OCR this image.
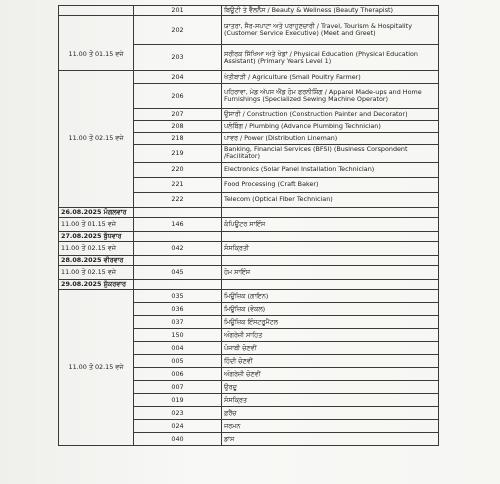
	201	ਬਿਊਟੀ ਤੇ ਵੈੱਲਨੈੱਸ / Beauty & Wellness (Beauty Therapist)
11.00 ਤੋਂ 01.15 ਵਜੇ	202	ਯਾਤਰਾ, ਸੈਰ-ਸਪਾਟਾ ਅਤੇ ਪਰਾਹੁਣਚਾਰੀ / Travel, Tourism & Hospitality (Customer Service Executive) (Meet and Greet)
	203	ਸਰੀਰਕ ਸਿੱਖਿਆ ਅਤੇ ਖੇਡਾਂ / Physical Education (Physical Education Assistant) (Primary Years Level 1)
11.00 ਤੋਂ 02.15 ਵਜੇ	204	ਖੇਤੀਬਾੜੀ / Agriculture (Small Poultry Farmer)
	206	ਪਹਿਰਾਵਾ, ਮੇਡ ਅੱਪਸ ਐਂਡ ਹੋਮ ਫਰਨੀਸ਼ਿੰਗ / Apparel Made-ups and Home Furnishings (Specialized Sewing Machine Operator)
	207	ਉਸਾਰੀ / Construction (Construction Painter and Decorator)
	208	ਪਲੰਬਿੰਗ / Plumbing (Advance Plumbing Technician)
	218	ਪਾਵਰ / Power (Distribution Lineman)
	219	Banking, Financial Services (BFSI) (Business Corspondent /Facilitator)
	220	Electronics (Solar Panel Installation Technician)
	221	Food Processing (Craft Baker)
	222	Telecom (Optical Fiber Technician)
26.08.2025 ਮੰਗਲਵਾਰ		
11.00 ਤੋਂ 01.15 ਵਜੇ	146	ਕੰਪਿਊਟਰ ਸਾਇੰਸ
27.08.2025 ਬੁੱਧਵਾਰ		
11.00 ਤੋਂ 02.15 ਵਜੇ	042	ਸੰਸਕ੍ਰਿਤੀ
28.08.2025 ਵੀਰਵਾਰ		
11.00 ਤੋਂ 02.15 ਵਜੇ	045	ਹੋਮ ਸਾਇੰਸ
29.08.2025 ਸ਼ੁੱਕਰਵਾਰ		
11.00 ਤੋਂ 02.15 ਵਜੇ	035	ਮਿਊਜ਼ਿਕ (ਗਾਇਨ)
	036	ਮਿਊਜ਼ਿਕ (ਵੋਕਲ)
	037	ਮਿਊਜ਼ਿਕ ਇੰਸਟਰੂਮੈਂਟਲ
	150	ਅੰਗਰੇਜ਼ੀ ਸਾਹਿਤ
	004	ਪੰਜਾਬੀ ਚੋਣਵੀਂ
	005	ਹਿੰਦੀ ਚੋਣਵੀਂ
	006	ਅੰਗਰੇਜ਼ੀ ਚੋਣਵੀਂ
	007	ਉਰਦੂ
	019	ਸੰਸਕ੍ਰਿਤ
	023	ਫ਼ਰੈਂਚ
	024	ਜਰਮਨ
	040	ਡਾਂਸ
